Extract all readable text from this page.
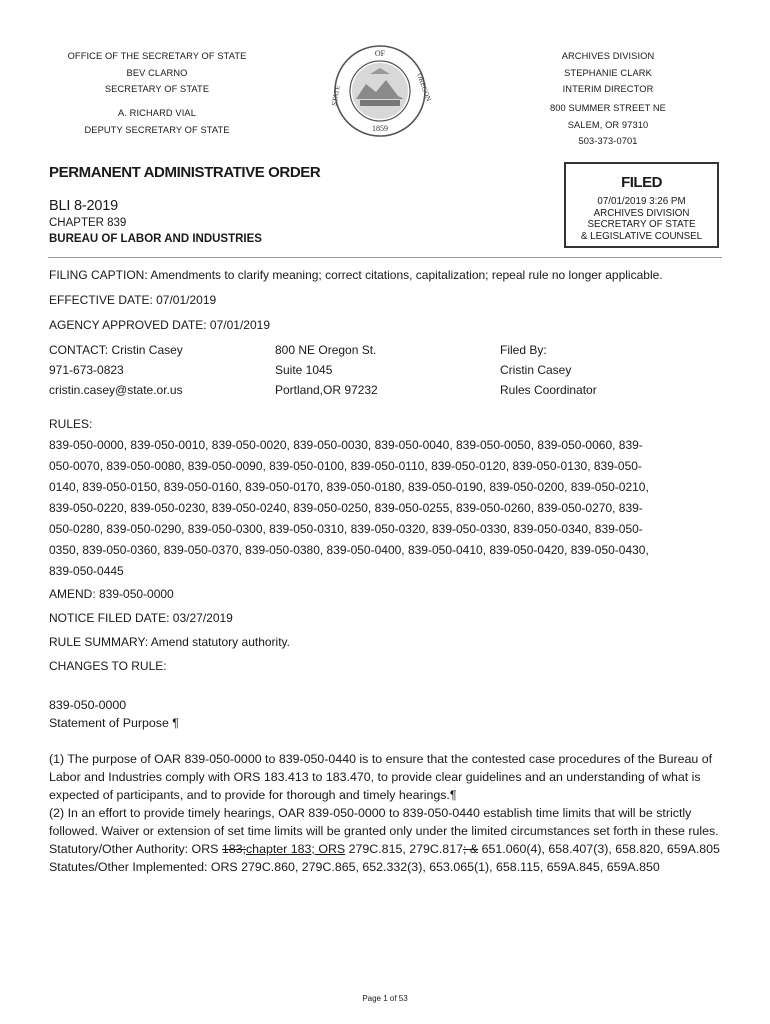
OFFICE OF THE SECRETARY OF STATE
BEV CLARNO
SECRETARY OF STATE
A. RICHARD VIAL
DEPUTY SECRETARY OF STATE
OF
STATE	OREGON
1859
ARCHIVES DIVISION
STEPHANIE CLARK
INTERIM DIRECTOR
800 SUMMER STREET NE
SALEM, OR 97310
503-373-0701
PERMANENT ADMINISTRATIVE ORDER
BLI 8-2019
CHAPTER 839
BUREAU OF LABOR AND INDUSTRIES
FILED
07/01/2019 3:26 PM
ARCHIVES DIVISION
SECRETARY OF STATE
& LEGISLATIVE COUNSEL
FILING CAPTION: Amendments to clarify meaning; correct citations, capitalization; repeal rule no longer applicable.
EFFECTIVE DATE: 07/01/2019
AGENCY APPROVED DATE: 07/01/2019
CONTACT: Cristin Casey
971-673-0823
cristin.casey@state.or.us
800 NE Oregon St.
Suite 1045
Portland,OR 97232
Filed By:
Cristin Casey
Rules Coordinator
RULES:
839-050-0000, 839-050-0010, 839-050-0020, 839-050-0030, 839-050-0040, 839-050-0050, 839-050-0060, 839-
050-0070, 839-050-0080, 839-050-0090, 839-050-0100, 839-050-0110, 839-050-0120, 839-050-0130, 839-050-
0140, 839-050-0150, 839-050-0160, 839-050-0170, 839-050-0180, 839-050-0190, 839-050-0200, 839-050-0210,
839-050-0220, 839-050-0230, 839-050-0240, 839-050-0250, 839-050-0255, 839-050-0260, 839-050-0270, 839-
050-0280, 839-050-0290, 839-050-0300, 839-050-0310, 839-050-0320, 839-050-0330, 839-050-0340, 839-050-
0350, 839-050-0360, 839-050-0370, 839-050-0380, 839-050-0400, 839-050-0410, 839-050-0420, 839-050-0430,
839-050-0445
AMEND: 839-050-0000
NOTICE FILED DATE: 03/27/2019
RULE SUMMARY: Amend statutory authority.
CHANGES TO RULE:
839-050-0000
Statement of Purpose ¶
(1) The purpose of OAR 839-050-0000 to 839-050-0440 is to ensure that the contested case procedures of the Bureau of Labor and Industries comply with ORS 183.413 to 183.470, to provide clear guidelines and an understanding of what is expected of participants, and to provide for thorough and timely hearings.¶
(2) In an effort to provide timely hearings, OAR 839-050-0000 to 839-050-0440 establish time limits that will be strictly followed. Waiver or extension of set time limits will be granted only under the limited circumstances set forth in these rules.
Statutory/Other Authority: ORS 183;chapter 183; ORS 279C.815, 279C.817; & 651.060(4), 658.407(3), 658.820, 659A.805
Statutes/Other Implemented: ORS 279C.860, 279C.865, 652.332(3), 653.065(1), 658.115, 659A.845, 659A.850
Page 1 of 53
